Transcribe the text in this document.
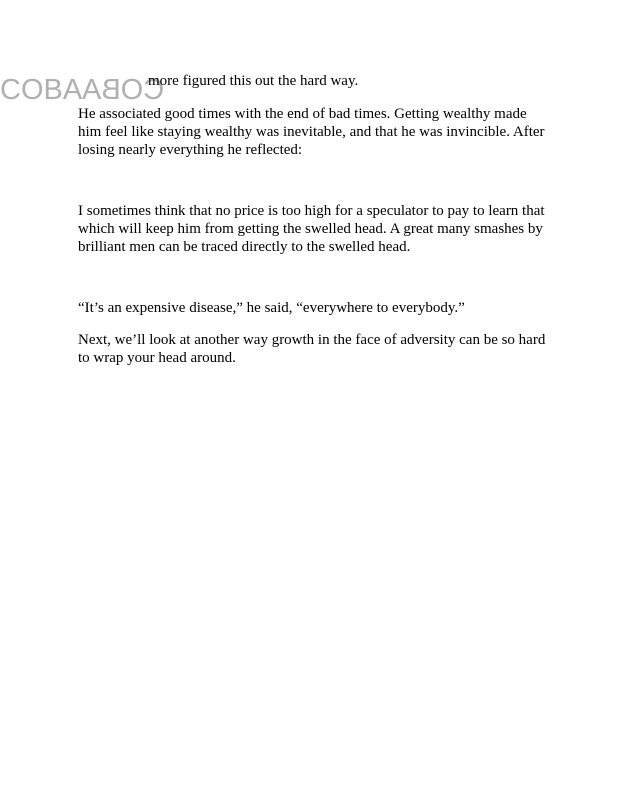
COBACOBA
more figured this out the hard way.

He associated good times with the end of bad times. Getting wealthy made him feel like staying wealthy was inevitable, and that he was invincible. After losing nearly everything he reflected:

I sometimes think that no price is too high for a speculator to pay to learn that which will keep him from getting the swelled head. A great many smashes by brilliant men can be traced directly to the swelled head.

“It’s an expensive disease,” he said, “everywhere to everybody.”

Next, we’ll look at another way growth in the face of adversity can be so hard to wrap your head around.
